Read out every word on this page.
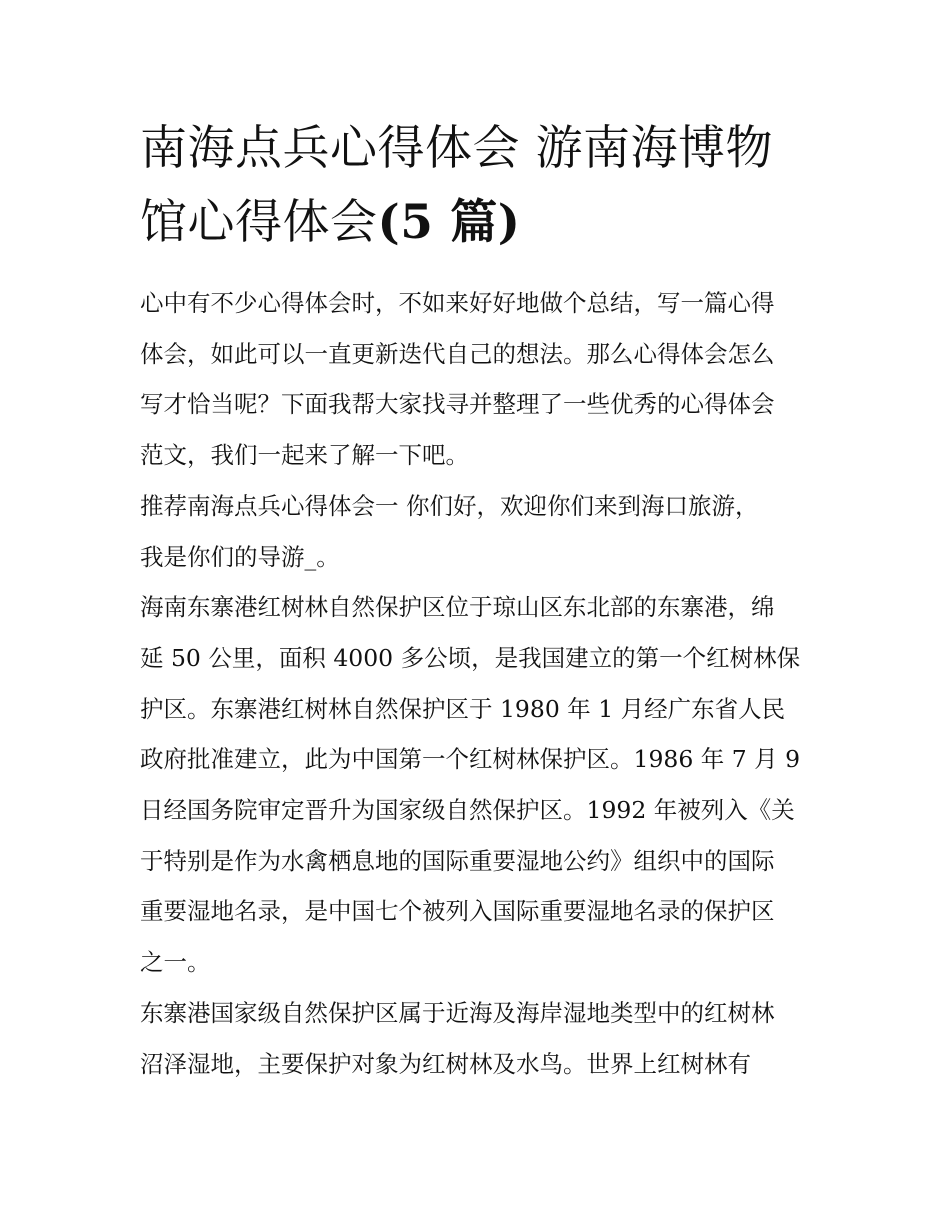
南海点兵心得体会 游南海博物
馆心得体会(5 篇)
心中有不少心得体会时，不如来好好地做个总结，写一篇心得
体会，如此可以一直更新迭代自己的想法。那么心得体会怎么
写才恰当呢？下面我帮大家找寻并整理了一些优秀的心得体会
范文，我们一起来了解一下吧。
推荐南海点兵心得体会一 你们好，欢迎你们来到海口旅游，
我是你们的导游_。
海南东寨港红树林自然保护区位于琼山区东北部的东寨港，绵
延 50 公里，面积 4000 多公顷，是我国建立的第一个红树林保
护区。东寨港红树林自然保护区于 1980 年 1 月经广东省人民
政府批准建立，此为中国第一个红树林保护区。1986 年 7 月 9
日经国务院审定晋升为国家级自然保护区。1992 年被列入《关
于特别是作为水禽栖息地的国际重要湿地公约》组织中的国际
重要湿地名录，是中国七个被列入国际重要湿地名录的保护区
之一。
东寨港国家级自然保护区属于近海及海岸湿地类型中的红树林
沼泽湿地，主要保护对象为红树林及水鸟。世界上红树林有
